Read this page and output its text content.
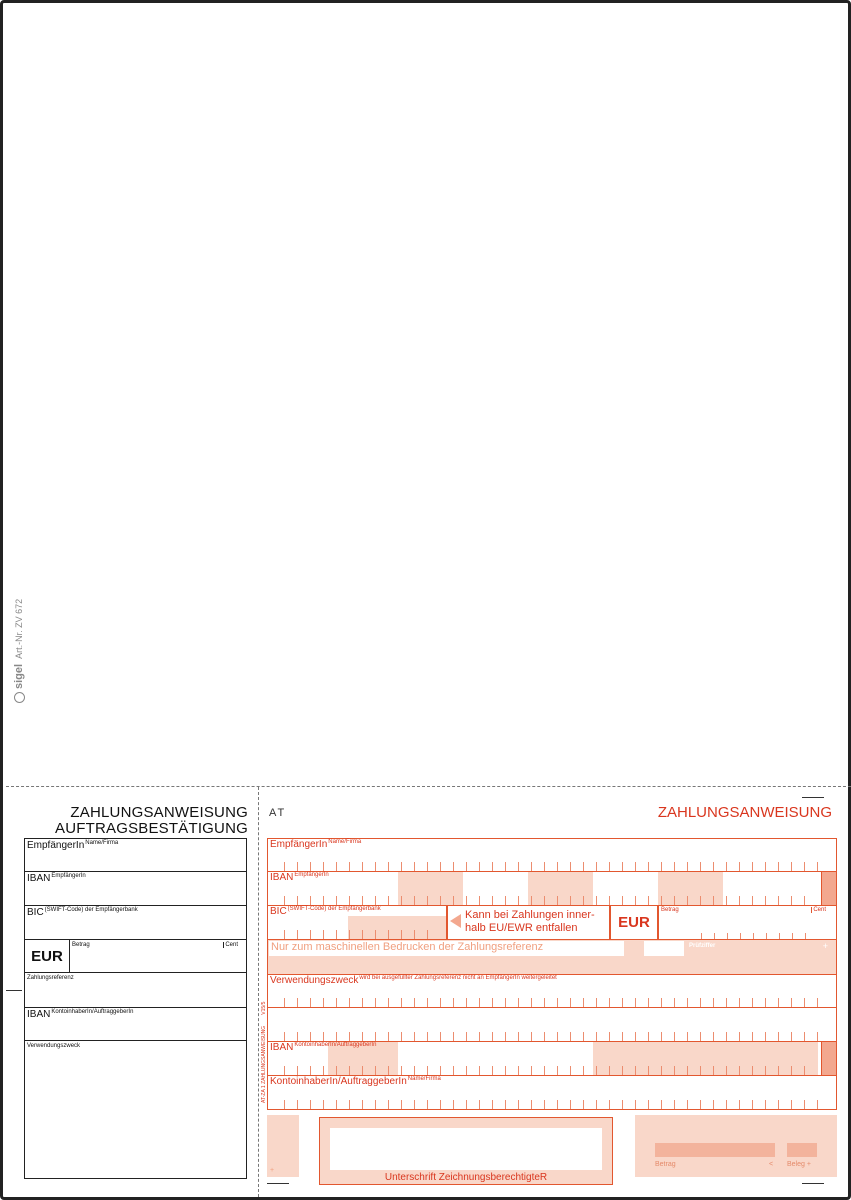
sigel  Art.-Nr. ZV 672
ZAHLUNGSANWEISUNG
AUFTRAGSBESTÄTIGUNG
EmpfängerIn$^{Name/Firma}$
$IBAN^{EmpfängerIn}$
$BIC^{(SWIFT-Code) der Empfängerbank}$
EUR
Betrag	Cent
Zahlungsreferenz
$IBAN^{KontoinhaberIn/AuftraggeberIn}$
Verwendungszweck
AT	ZAHLUNGSANWEISUNG
AT-ZA 1 ZAHLUNGSANWEISUNG        V15/5
EmpfängerIn$^{Name/Firma}$
$IBAN^{EmpfängerIn}$
$BIC^{(SWIFT-Code) der Empfängerbank}$	Kann bei Zahlungen inner-
halb EU/EWR entfallen	EUR
Betrag	Cent
Nur zum maschinellen Bedrucken der Zahlungsreferenz	Prüfziffer	+
Verwendungszweck$^{wird bei ausgefüllter Zahlungsreferenz nicht an EmpfängerIn weitergeleitet}$
$IBAN^{KontoinhaberIn/AuftraggeberIn}$
KontoinhaberIn/AuftraggeberIn$^{Name/Firma}$
+
Unterschrift ZeichnungsberechtigteR
Betrag	< Beleg +
